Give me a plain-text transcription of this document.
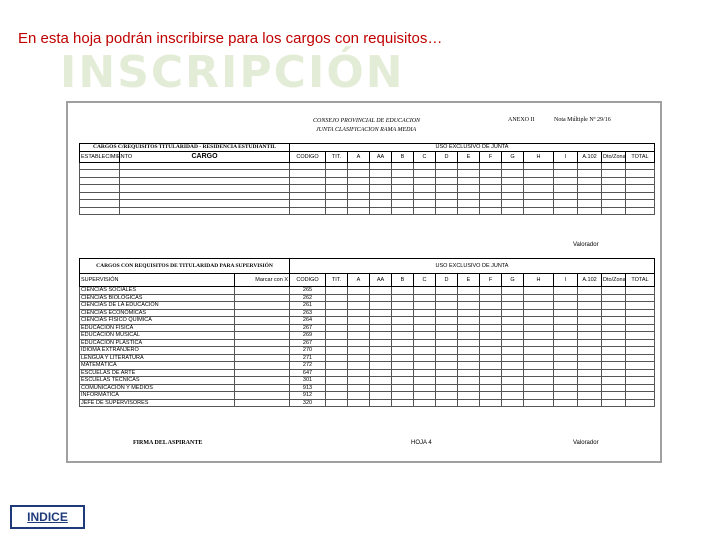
INSCRIPCIÓN
En esta hoja podrán inscribirse para los cargos con requisitos…
CONSEJO PROVINCIAL DE EDUCACION
JUNTA CLASIFICACION RAMA MEDIA
ANEXO II	Nota Múltiple Nº 29/16
CARGOS C/REQUISITOS TITULARIDAD - RESIDENCIA ESTUDIANTIL		USO EXCLUSIVO DE JUNTA														
ESTABLECIMIENTO	CARGO	CODIGO	TIT.	A	AA	B	C	D	E	F	G	H	I	A.102	Dto/Zona	TOTAL

Valorador
CARGOS CON REQUISITOS DE TITULARIDAD PARA SUPERVISIÓN		USO EXCLUSIVO DE JUNTA														
SUPERVISIÓN	Marcar con X	CODIGO	TIT.	A	AA	B	C	D	E	F	G	H	I	A.102	Dto/Zona	TOTAL
CIENCIAS SOCIALES		265														
CIENCIAS BIOLÓGICAS		262														
CIENCIAS DE LA EDUCACIÓN		261														
CIENCIAS ECONÓMICAS		263														
CIENCIAS FÍSICO QUÍMICA		264														
EDUCACIÓN FÍSICA		267														
EDUCACIÓN MUSICAL		269														
EDUCACIÓN PLÁSTICA		267														
IDIOMA EXTRANJERO		270														
LENGUA Y LITERATURA		271														
MATEMÁTICA		272														
ESCUELAS DE ARTE		647														
ESCUELAS TÉCNICAS		301														
COMUNICACIÓN Y MEDIOS		913														
INFORMÁTICA		912														
JEFE DE SUPERVISORES		320														
FIRMA DEL ASPIRANTE	HOJA 4	Valorador
INDICE
